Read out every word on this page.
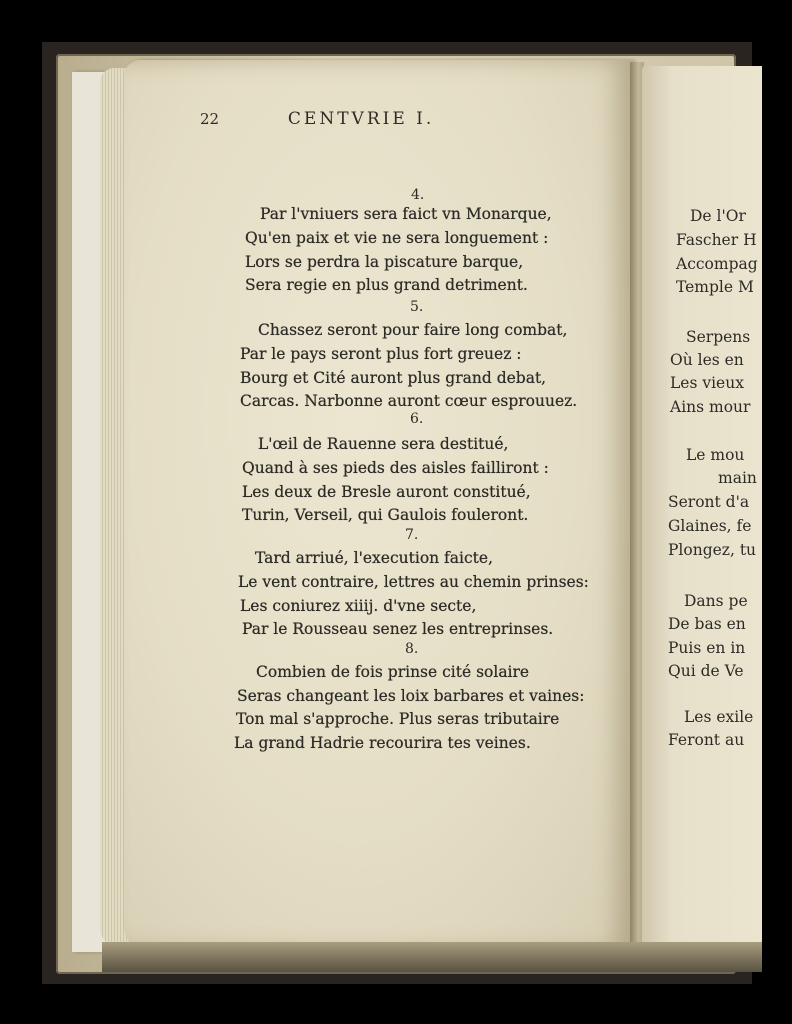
22	CENTVRIE I.
4.
Par l'vniuers sera faict vn Monarque,
Qu'en paix et vie ne sera longuement :
Lors se perdra la piscature barque,
Sera regie en plus grand detriment.
5.
Chassez seront pour faire long combat,
Par le pays seront plus fort greuez :
Bourg et Cité auront plus grand debat,
Carcas. Narbonne auront cœur esprouuez.
6.
L'œil de Rauenne sera destitué,
Quand à ses pieds des aisles failliront :
Les deux de Bresle auront constitué,
Turin, Verseil, qui Gaulois fouleront.
7.
Tard arriué, l'execution faicte,
Le vent contraire, lettres au chemin prinses:
Les coniurez xiiij. d'vne secte,
Par le Rousseau senez les entreprinses.
8.
Combien de fois prinse cité solaire
Seras changeant les loix barbares et vaines:
Ton mal s'approche. Plus seras tributaire
La grand Hadrie recourira tes veines.
De l'Or
Fascher H
Accompag
Temple M
Serpens
Où les en
Les vieux
Ains mour
Le mou
main
Seront d'a
Glaines, fe
Plongez, tu
Dans pe
De bas en
Puis en in
Qui de Ve
Les exile
Feront au
